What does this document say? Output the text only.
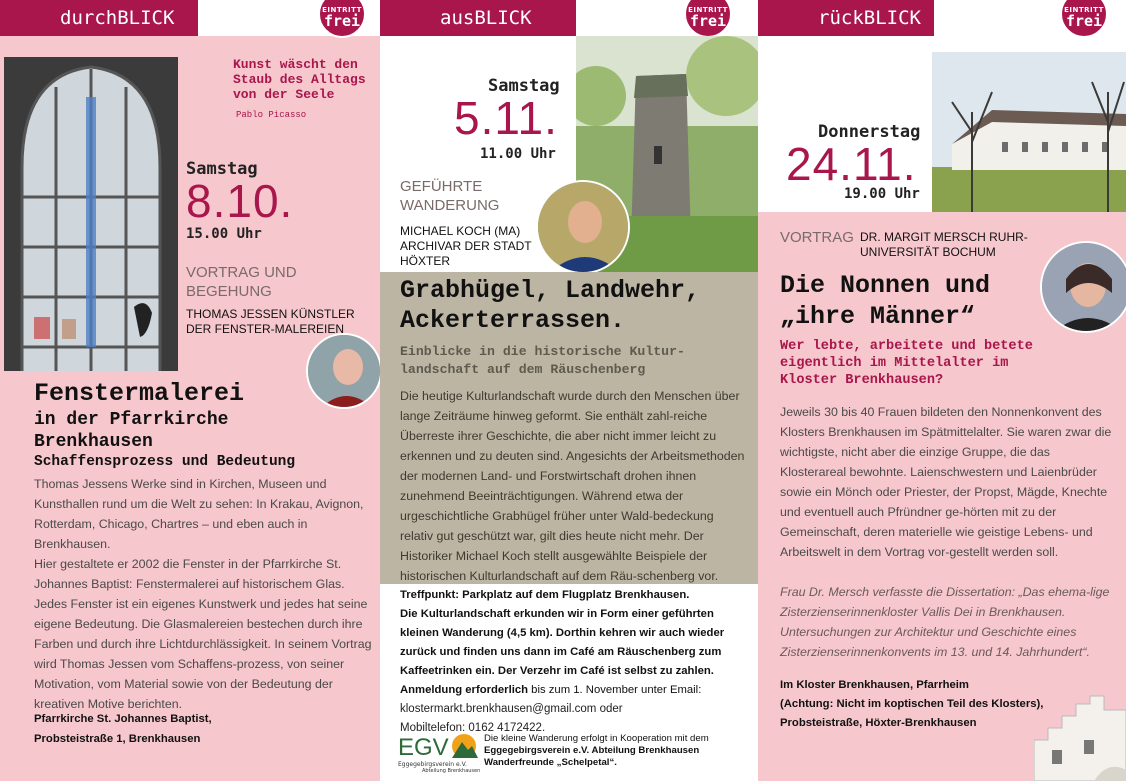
durchBLICK	EINTRITT
frei
Kunst wäscht den Staub des Alltags von der Seele
Pablo Picasso
Samstag
8.10.
15.00 Uhr
VORTRAG UND BEGEHUNG
THOMAS JESSEN KÜNSTLER DER FENSTER-MALEREIEN
Fenstermalerei
in der Pfarrkirche Brenkhausen
Schaffensprozess und Bedeutung
Thomas Jessens Werke sind in Kirchen, Museen und Kunsthallen rund um die Welt zu sehen: In Krakau, Avignon, Rotterdam, Chicago, Chartres – und eben auch in Brenkhausen.
Hier gestaltete er 2002 die Fenster in der Pfarrkirche St. Johannes Baptist: Fenstermalerei auf historischem Glas. Jedes Fenster ist ein eigenes Kunstwerk und jedes hat seine eigene Bedeutung. Die Glasmalereien bestechen durch ihre Farben und durch ihre Lichtdurchlässigkeit. In seinem Vortrag wird Thomas Jessen vom Schaffens-prozess, von seiner Motivation, vom Material sowie von der Bedeutung der kreativen Motive berichten.
Pfarrkirche St. Johannes Baptist,
Probsteistraße 1, Brenkhausen
ausBLICK	EINTRITT
frei
Samstag
5.11.
11.00 Uhr
GEFÜHRTE WANDERUNG
MICHAEL KOCH (MA) ARCHIVAR DER STADT HÖXTER
Grabhügel, Landwehr, Ackerterrassen.
Einblicke in die historische Kultur-landschaft auf dem Räuschenberg
Die heutige Kulturlandschaft wurde durch den Menschen über lange Zeiträume hinweg geformt. Sie enthält zahl-reiche Überreste ihrer Geschichte, die aber nicht immer leicht zu erkennen und zu deuten sind. Angesichts der Arbeitsmethoden der modernen Land- und Forstwirtschaft drohen ihnen zunehmend Beeinträchtigungen. Während etwa der urgeschichtliche Grabhügel früher unter Wald-bedeckung relativ gut geschützt war, gilt dies heute nicht mehr. Der Historiker Michael Koch stellt ausgewählte Beispiele der historischen Kulturlandschaft auf dem Räu-schenberg vor.
Treffpunkt: Parkplatz auf dem Flugplatz Brenkhausen.
Die Kulturlandschaft erkunden wir in Form einer geführten kleinen Wanderung (4,5 km). Dorthin kehren wir auch wieder zurück und finden uns dann im Café am Räuschenberg zum Kaffeetrinken ein. Der Verzehr im Café ist selbst zu zahlen.
Anmeldung erforderlich bis zum 1. November unter Email:
klostermarkt.brenkhausen@gmail.com oder
Mobiltelefon: 0162 4172422.
EGV
Eggegebirgsverein e.V.
Abteilung Brenkhausen
Die kleine Wanderung erfolgt in Kooperation mit dem
Eggegebirgsverein e.V. Abteilung Brenkhausen
Wanderfreunde „Schelpetal“.
rückBLICK	EINTRITT
frei
Donnerstag
24.11.
19.00 Uhr
VORTRAG DR. MARGIT MERSCH RUHR-UNIVERSITÄT BOCHUM
Die Nonnen und
„ihre Männer“
Wer lebte, arbeitete und betete eigentlich im Mittelalter im Kloster Brenkhausen?
Jeweils 30 bis 40 Frauen bildeten den Nonnenkonvent des Klosters Brenkhausen im Spätmittelalter. Sie waren zwar die wichtigste, nicht aber die einzige Gruppe, die das Klosterareal bewohnte. Laienschwestern und Laienbrüder sowie ein Mönch oder Priester, der Propst, Mägde, Knechte und eventuell auch Pfründner ge-hörten mit zu der Gemeinschaft, deren materielle wie geistige Lebens- und Arbeitswelt in dem Vortrag vor-gestellt werden soll.
Frau Dr. Mersch verfasste die Dissertation: „Das ehema-lige Zisterzienserinnenkloster Vallis Dei in Brenkhausen. Untersuchungen zur Architektur und Geschichte eines Zisterzienserinnenkonvents im 13. und 14. Jahrhundert“.
Im Kloster Brenkhausen, Pfarrheim
(Achtung: Nicht im koptischen Teil des Klosters),
Probsteistraße, Höxter-Brenkhausen
